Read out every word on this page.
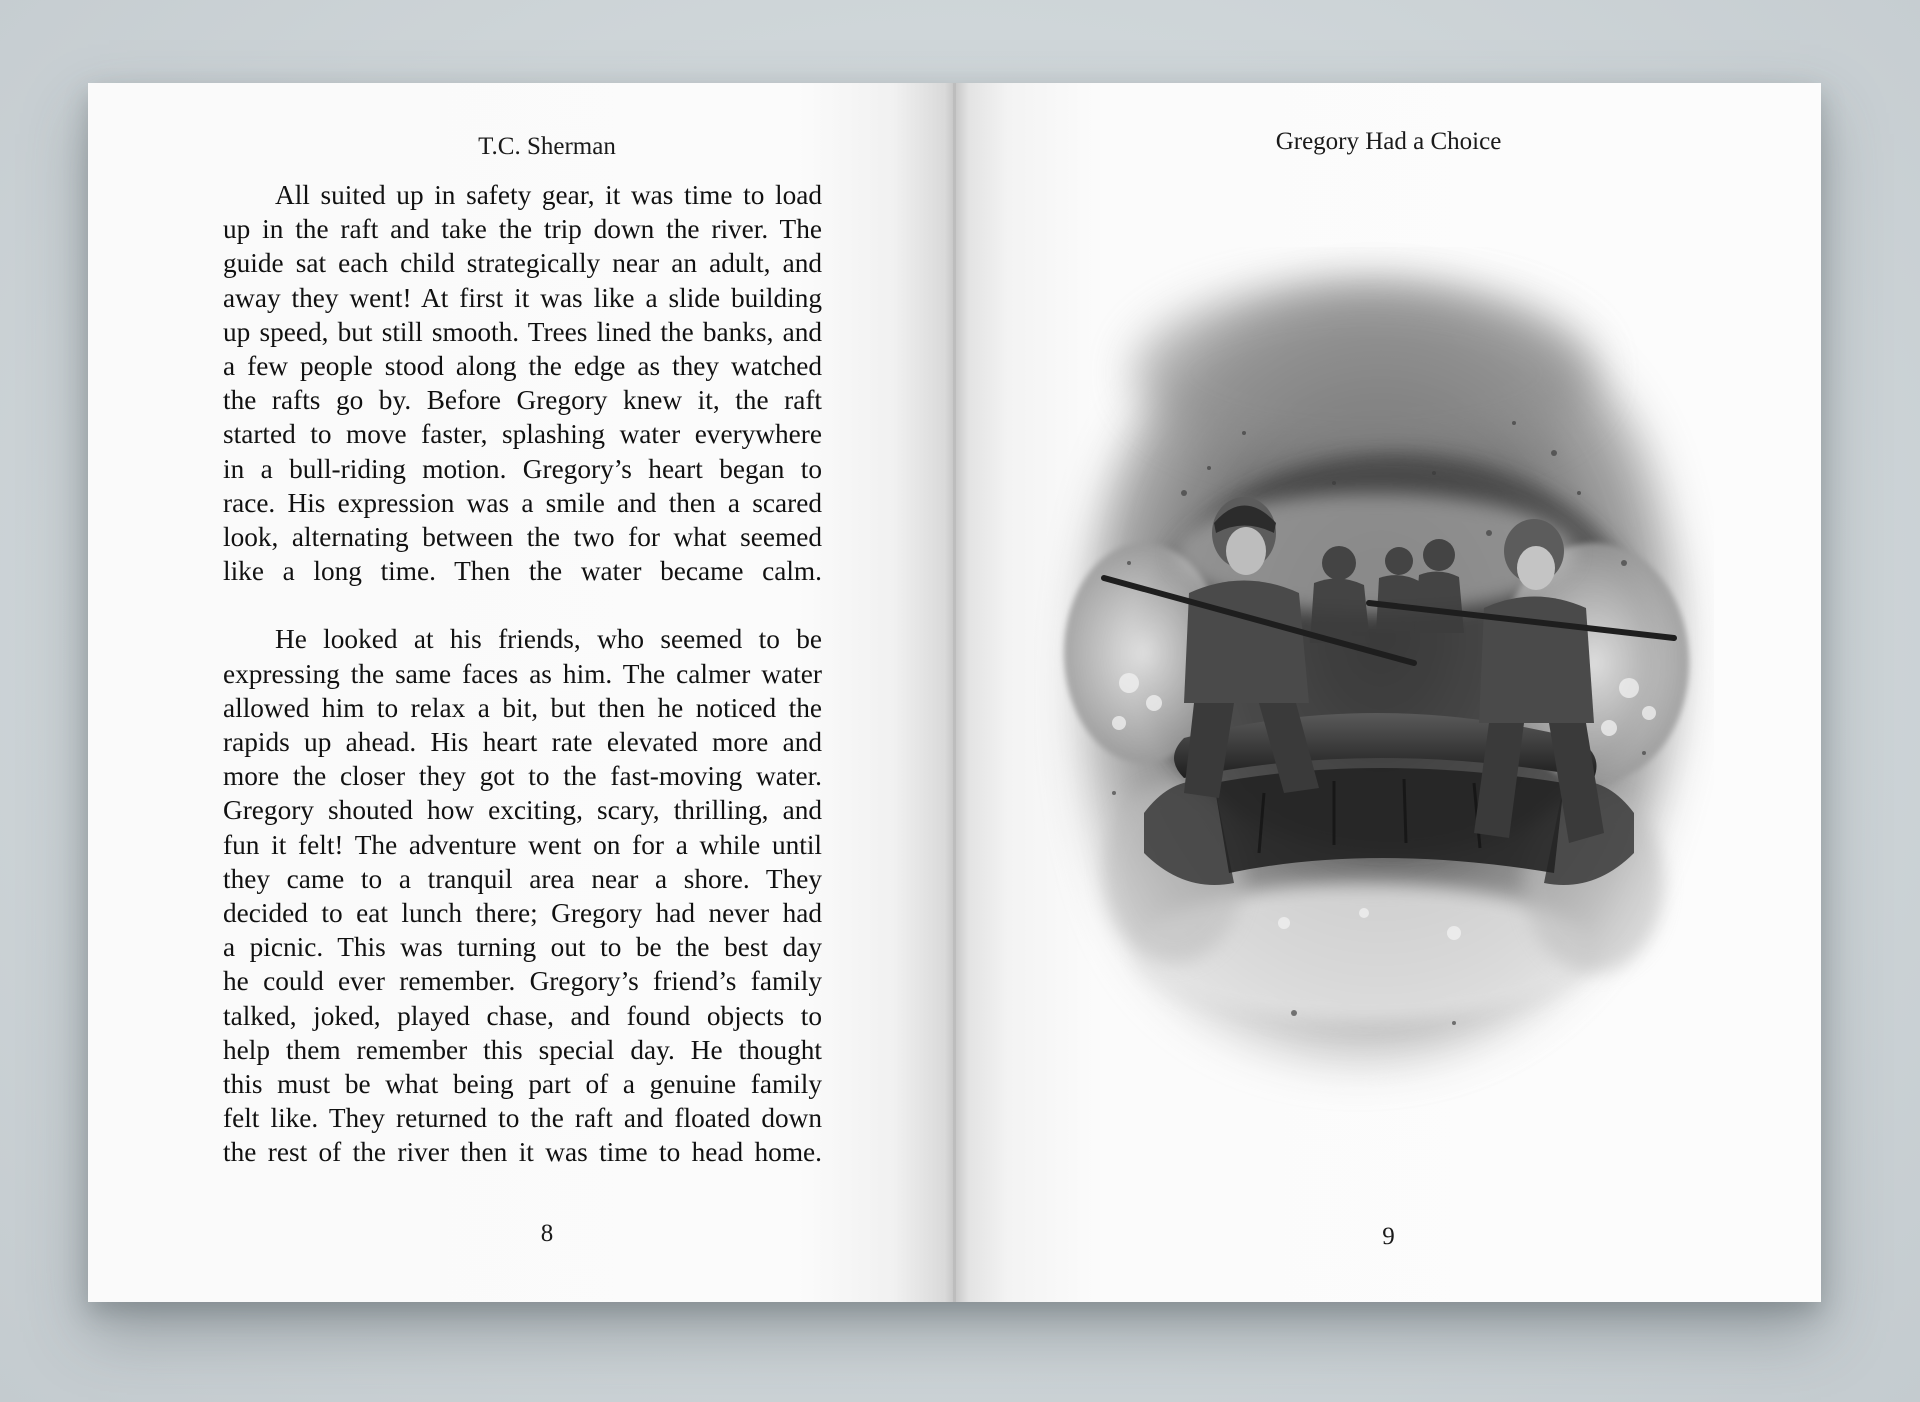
T.C. Sherman
All suited up in safety gear, it was time to load
up in the raft and take the trip down the river. The
guide sat each child strategically near an adult, and
away they went! At first it was like a slide building
up speed, but still smooth. Trees lined the banks, and
a few people stood along the edge as they watched
the rafts go by. Before Gregory knew it, the raft
started to move faster, splashing water everywhere
in a bull-riding motion. Gregory’s heart began to
race. His expression was a smile and then a scared
look, alternating between the two for what seemed
like a long time. Then the water became calm.
He looked at his friends, who seemed to be
expressing the same faces as him. The calmer water
allowed him to relax a bit, but then he noticed the
rapids up ahead. His heart rate elevated more and
more the closer they got to the fast-moving water.
Gregory shouted how exciting, scary, thrilling, and
fun it felt! The adventure went on for a while until
they came to a tranquil area near a shore. They
decided to eat lunch there; Gregory had never had
a picnic. This was turning out to be the best day
he could ever remember. Gregory’s friend’s family
talked, joked, played chase, and found objects to
help them remember this special day. He thought
this must be what being part of a genuine family
felt like. They returned to the raft and floated down
the rest of the river then it was time to head home.
8
Gregory Had a Choice
9
